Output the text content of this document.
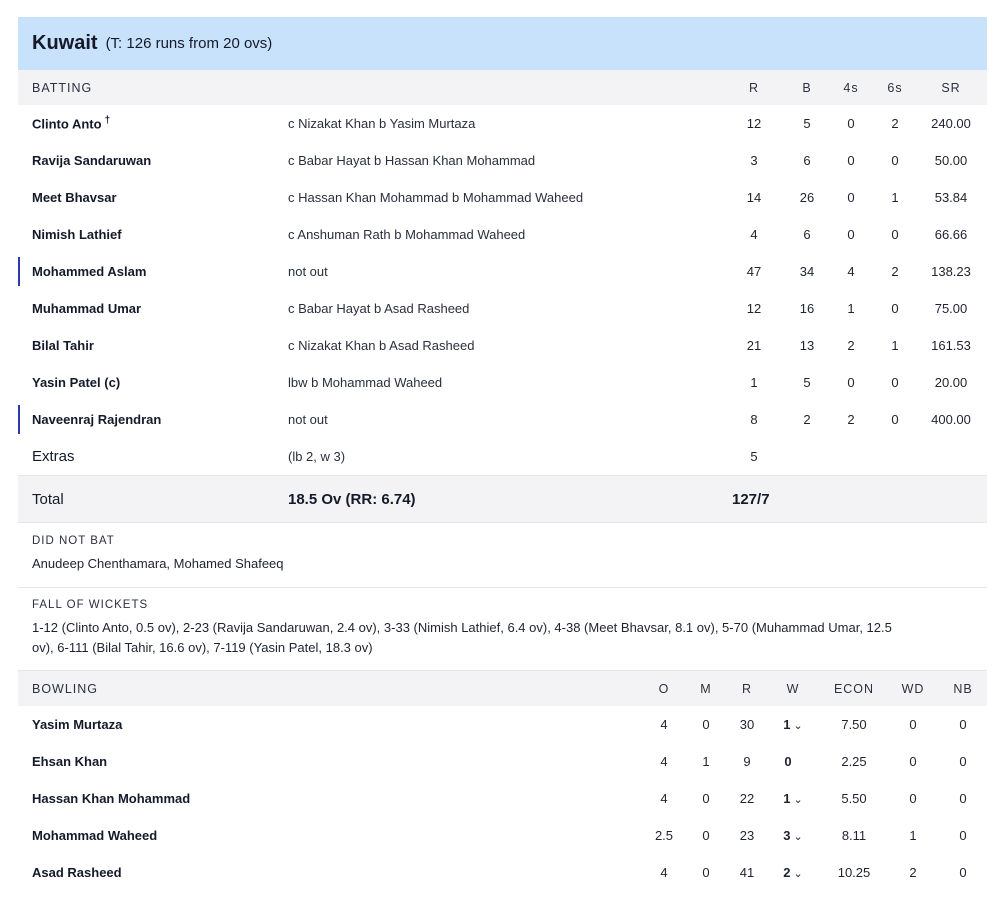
Kuwait (T: 126 runs from 20 ovs)
BATTING	R	B	4s	6s	SR
Clinto Anto †	c Nizakat Khan b Yasim Murtaza	12	5	0	2	240.00
Ravija Sandaruwan	c Babar Hayat b Hassan Khan Mohammad	3	6	0	0	50.00
Meet Bhavsar	c Hassan Khan Mohammad b Mohammad Waheed	14	26	0	1	53.84
Nimish Lathief	c Anshuman Rath b Mohammad Waheed	4	6	0	0	66.66
Mohammed Aslam	not out	47	34	4	2	138.23
Muhammad Umar	c Babar Hayat b Asad Rasheed	12	16	1	0	75.00
Bilal Tahir	c Nizakat Khan b Asad Rasheed	21	13	2	1	161.53
Yasin Patel (c)	lbw b Mohammad Waheed	1	5	0	0	20.00
Naveenraj Rajendran	not out	8	2	2	0	400.00
Extras	(lb 2, w 3)	5
Total	18.5 Ov (RR: 6.74)	127/7
DID NOT BAT
Anudeep Chenthamara, Mohamed Shafeeq
FALL OF WICKETS
1-12 (Clinto Anto, 0.5 ov), 2-23 (Ravija Sandaruwan, 2.4 ov), 3-33 (Nimish Lathief, 6.4 ov), 4-38 (Meet Bhavsar, 8.1 ov), 5-70 (Muhammad Umar, 12.5
ov), 6-111 (Bilal Tahir, 16.6 ov), 7-119 (Yasin Patel, 18.3 ov)
BOWLING	O	M	R	W	ECON	WD	NB
Yasim Murtaza	4	0	30	1 ⌄	7.50	0	0
Ehsan Khan	4	1	9	0	2.25	0	0
Hassan Khan Mohammad	4	0	22	1 ⌄	5.50	0	0
Mohammad Waheed	2.5	0	23	3 ⌄	8.11	1	0
Asad Rasheed	4	0	41	2 ⌄	10.25	2	0
